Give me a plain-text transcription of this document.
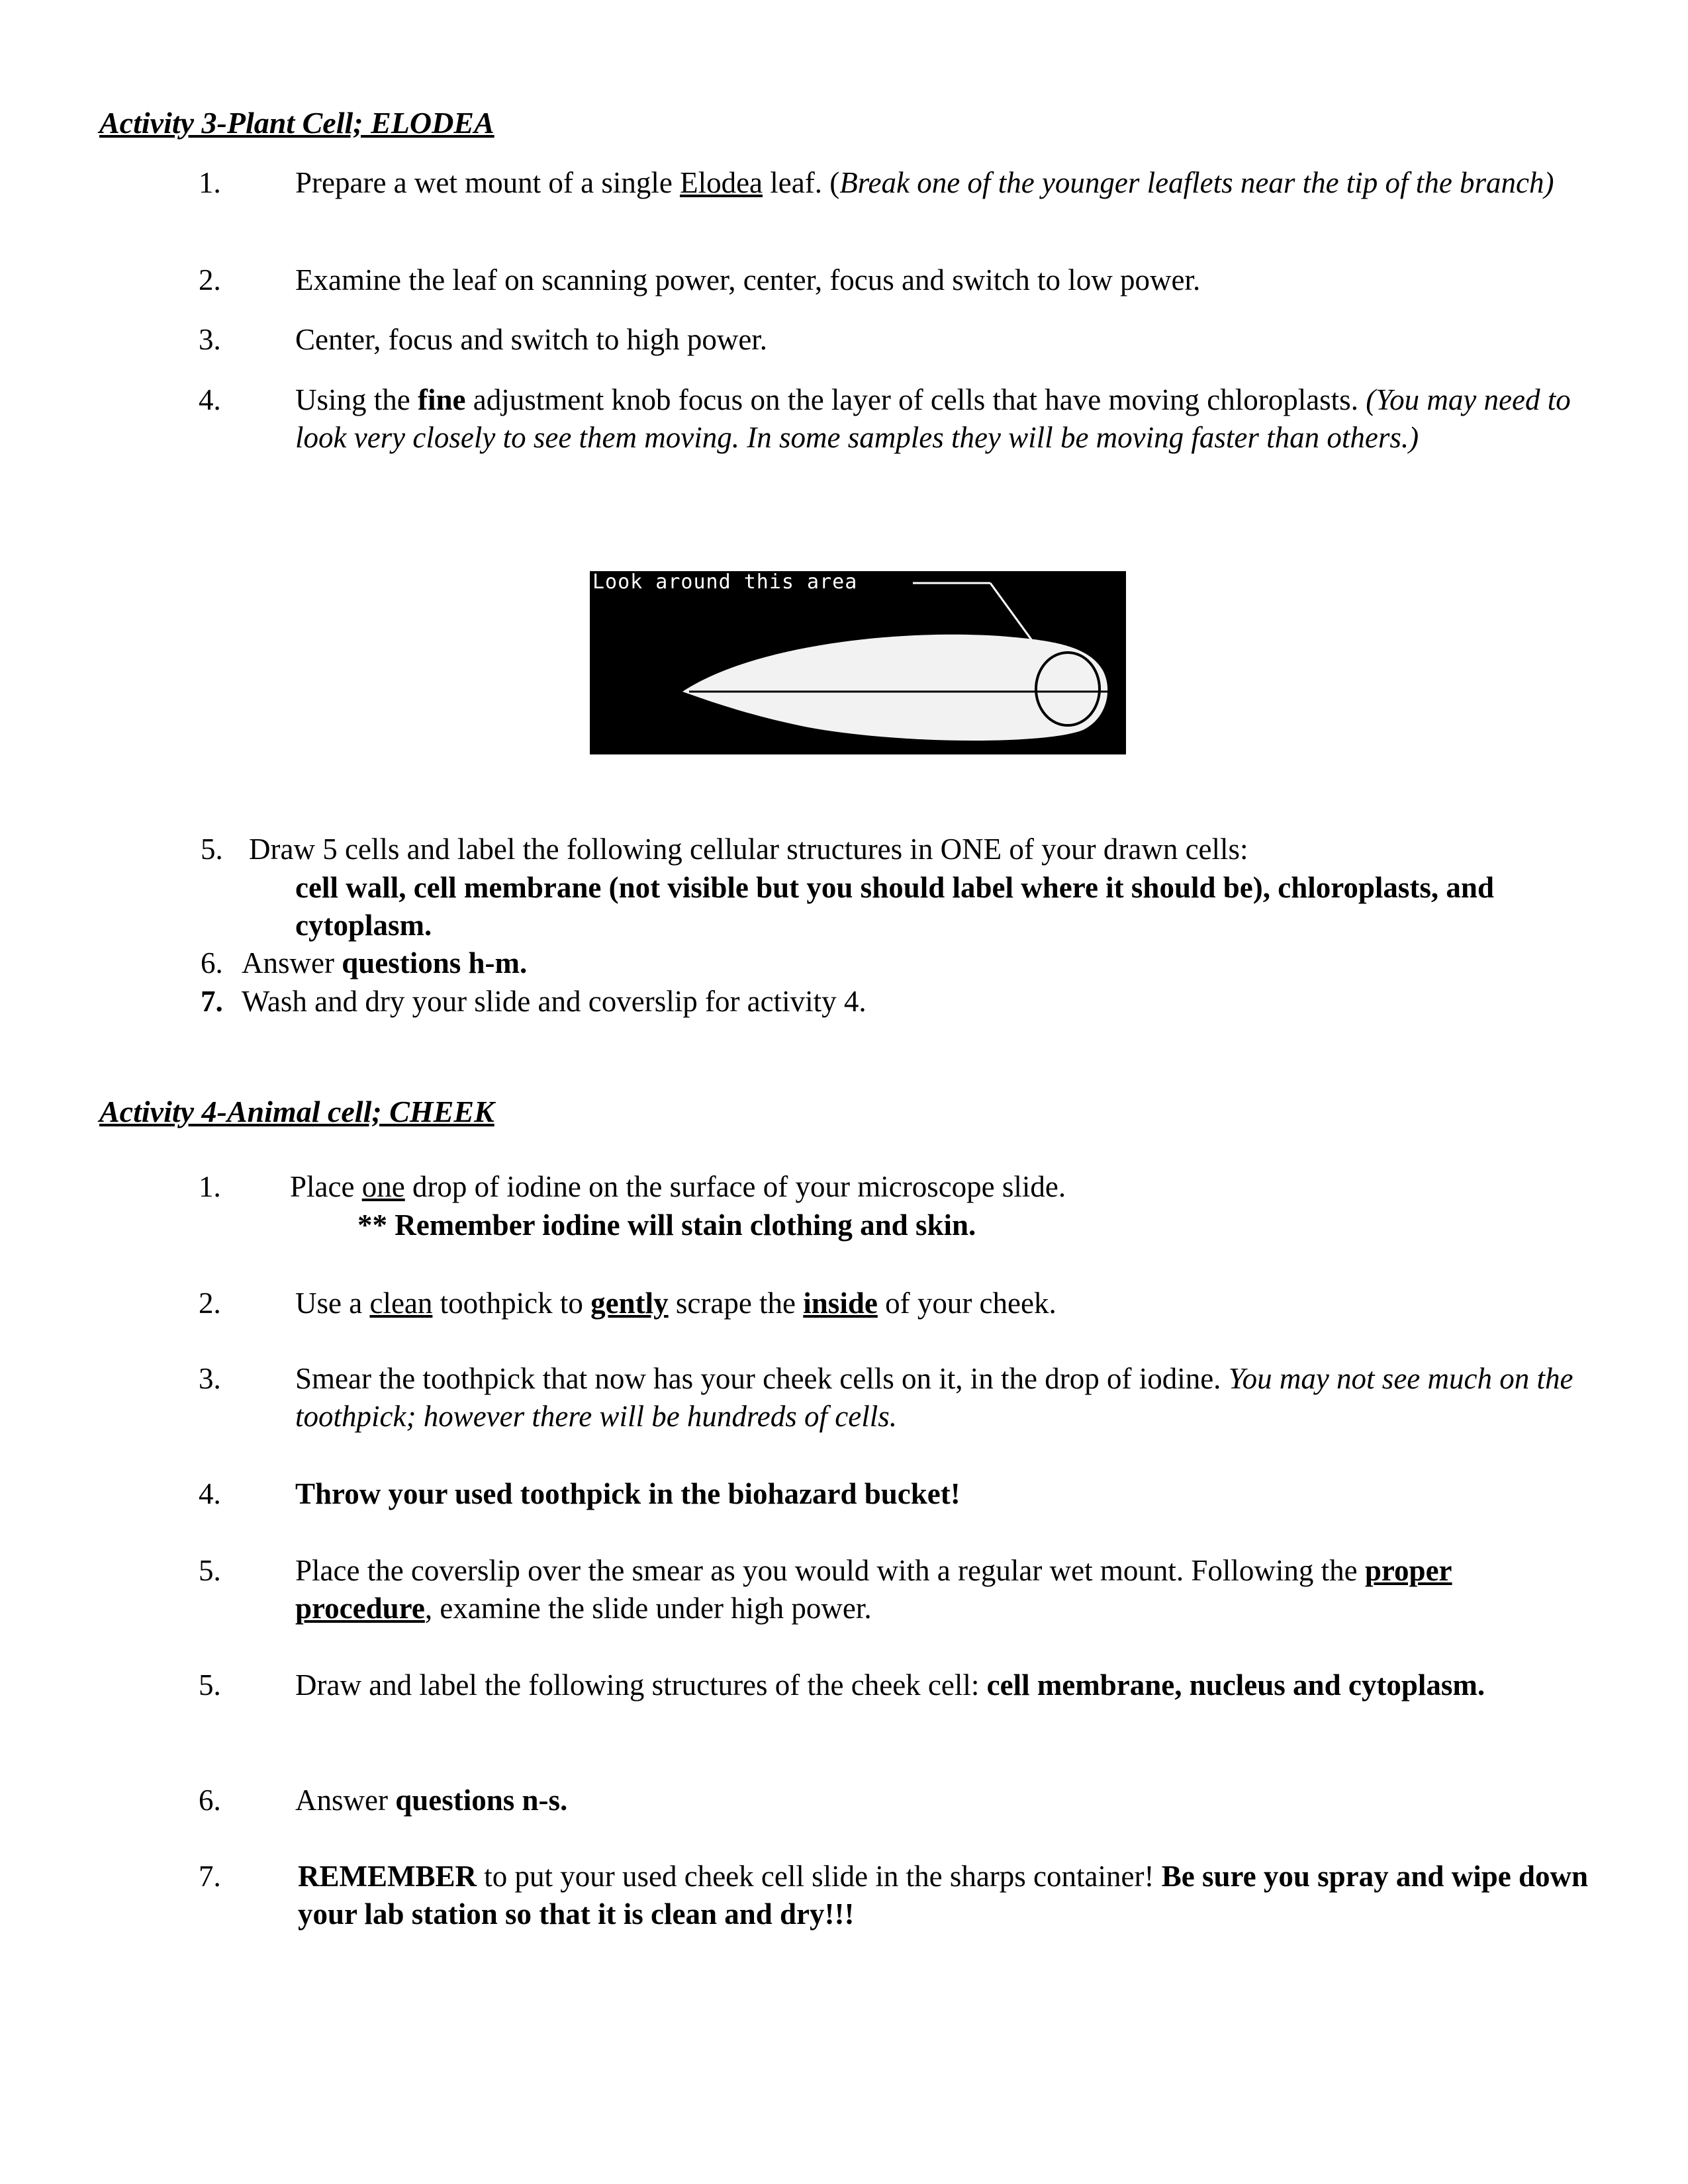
Activity 3-Plant Cell; ELODEA
1. Prepare a wet mount of a single Elodea leaf. (Break one of the younger leaflets near the tip of the branch)
2. Examine the leaf on scanning power, center, focus and switch to low power.
3. Center, focus and switch to high power.
4. Using the fine adjustment knob focus on the layer of cells that have moving chloroplasts. (You may need to look very closely to see them moving. In some samples they will be moving faster than others.)
Look around this area
5. Draw 5 cells and label the following cellular structures in ONE of your drawn cells:
cell wall, cell membrane (not visible but you should label where it should be), chloroplasts, and cytoplasm.
6. Answer questions h-m.
7. Wash and dry your slide and coverslip for activity 4.
Activity 4-Animal cell; CHEEK
1. Place one drop of iodine on the surface of your microscope slide.
** Remember iodine will stain clothing and skin.
2. Use a clean toothpick to gently scrape the inside of your cheek.
3. Smear the toothpick that now has your cheek cells on it, in the drop of iodine. You may not see much on the toothpick; however there will be hundreds of cells.
4. Throw your used toothpick in the biohazard bucket!
5. Place the coverslip over the smear as you would with a regular wet mount. Following the proper procedure, examine the slide under high power.
5. Draw and label the following structures of the cheek cell: cell membrane, nucleus and cytoplasm.
6. Answer questions n-s.
7.	REMEMBER to put your used cheek cell slide in the sharps container! Be sure you spray and wipe down your lab station so that it is clean and dry!!!
